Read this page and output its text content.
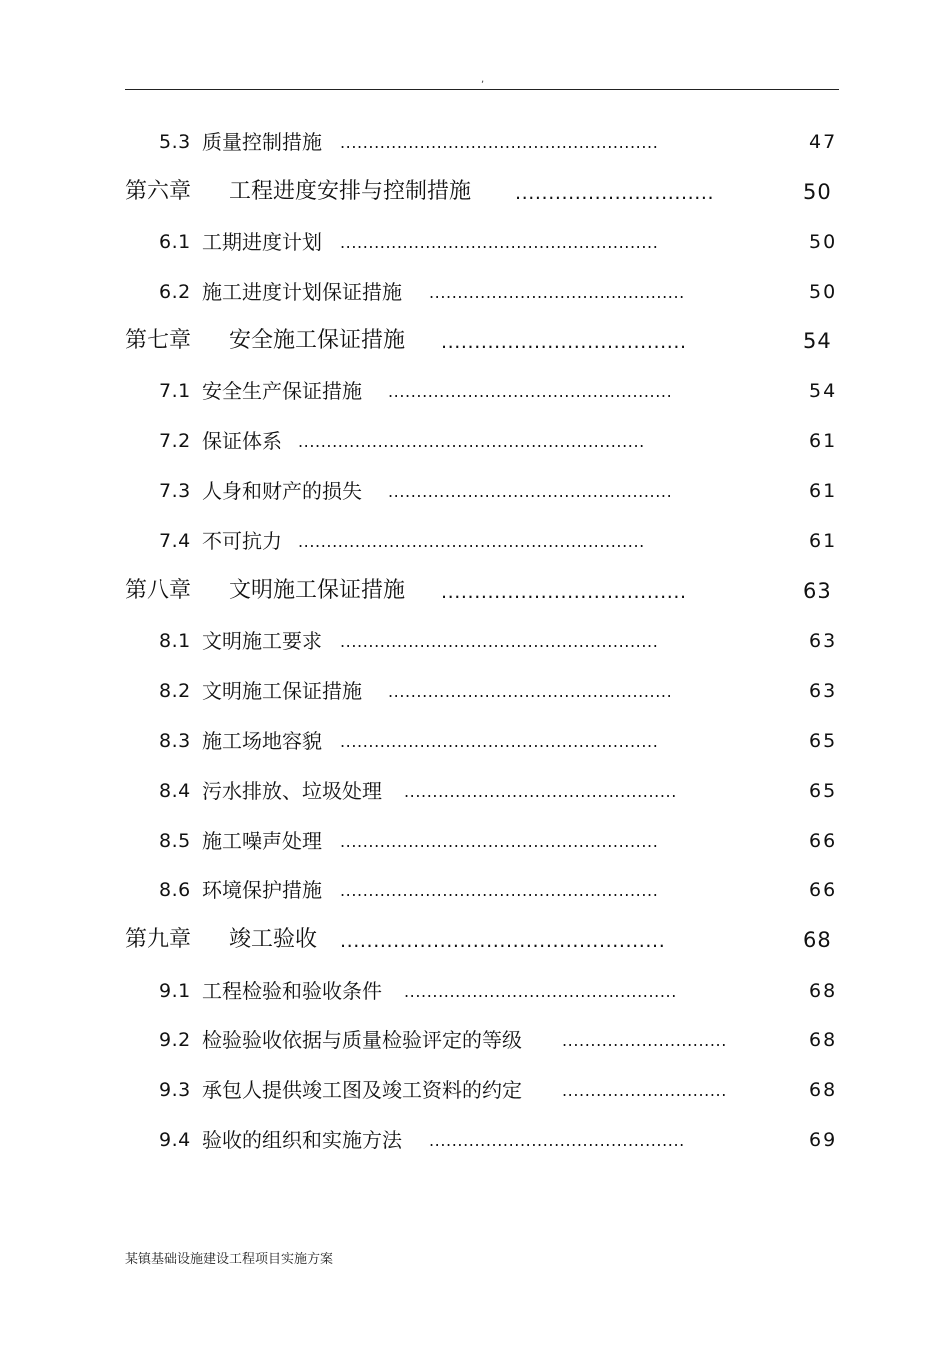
,
5.3 质量控制措施 ........................................................	47
第六章 工程进度安排与控制措施 ..............................	50
6.1 工期进度计划 ........................................................	50
6.2 施工进度计划保证措施 .............................................	50
第七章 安全施工保证措施 .....................................	54
7.1 安全生产保证措施 ..................................................	54
7.2 保证体系 .............................................................	61
7.3 人身和财产的损失 ..................................................	61
7.4 不可抗力 .............................................................	61
第八章 文明施工保证措施 .....................................	63
8.1 文明施工要求 ........................................................	63
8.2 文明施工保证措施 ..................................................	63
8.3 施工场地容貌 ........................................................	65
8.4 污水排放、垃圾处理 ................................................	65
8.5 施工噪声处理 ........................................................	66
8.6 环境保护措施 ........................................................	66
第九章 竣工验收 .................................................	68
9.1 工程检验和验收条件 ................................................	68
9.2 检验验收依据与质量检验评定的等级	.............................	68
9.3 承包人提供竣工图及竣工资料的约定	.............................	68
9.4 验收的组织和实施方法 .............................................	69
某镇基础设施建设工程项目实施方案
